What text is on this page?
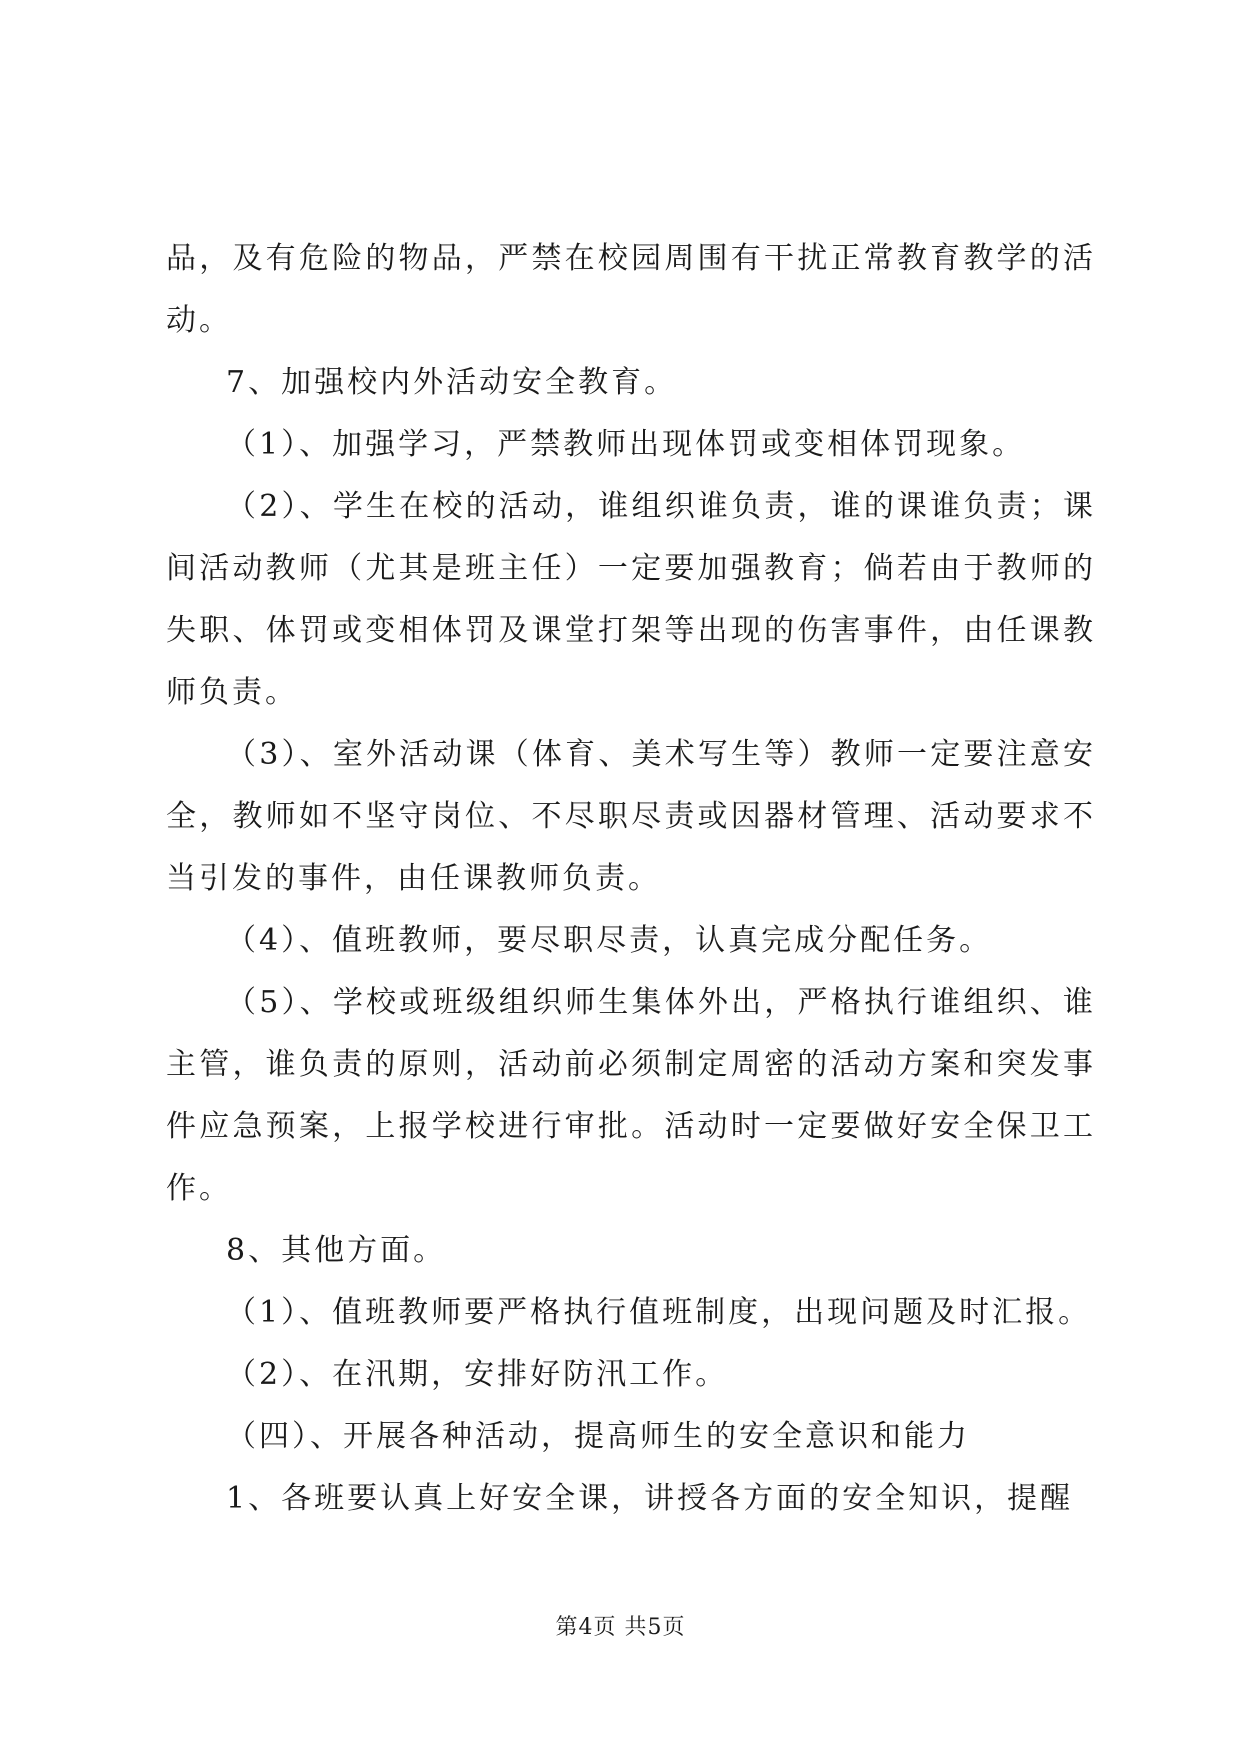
品，及有危险的物品，严禁在校园周围有干扰正常教育教学的活动。

7、加强校内外活动安全教育。

（1）、加强学习，严禁教师出现体罚或变相体罚现象。

（2）、学生在校的活动，谁组织谁负责，谁的课谁负责；课间活动教师（尤其是班主任）一定要加强教育；倘若由于教师的失职、体罚或变相体罚及课堂打架等出现的伤害事件，由任课教师负责。

（3）、室外活动课（体育、美术写生等）教师一定要注意安全，教师如不坚守岗位、不尽职尽责或因器材管理、活动要求不当引发的事件，由任课教师负责。

（4）、值班教师，要尽职尽责，认真完成分配任务。

（5）、学校或班级组织师生集体外出，严格执行谁组织、谁主管，谁负责的原则，活动前必须制定周密的活动方案和突发事件应急预案，上报学校进行审批。活动时一定要做好安全保卫工作。

8、其他方面。

（1）、值班教师要严格执行值班制度，出现问题及时汇报。

（2）、在汛期，安排好防汛工作。

（四）、开展各种活动，提高师生的安全意识和能力

1、各班要认真上好安全课，讲授各方面的安全知识，提醒

第4页 共5页
